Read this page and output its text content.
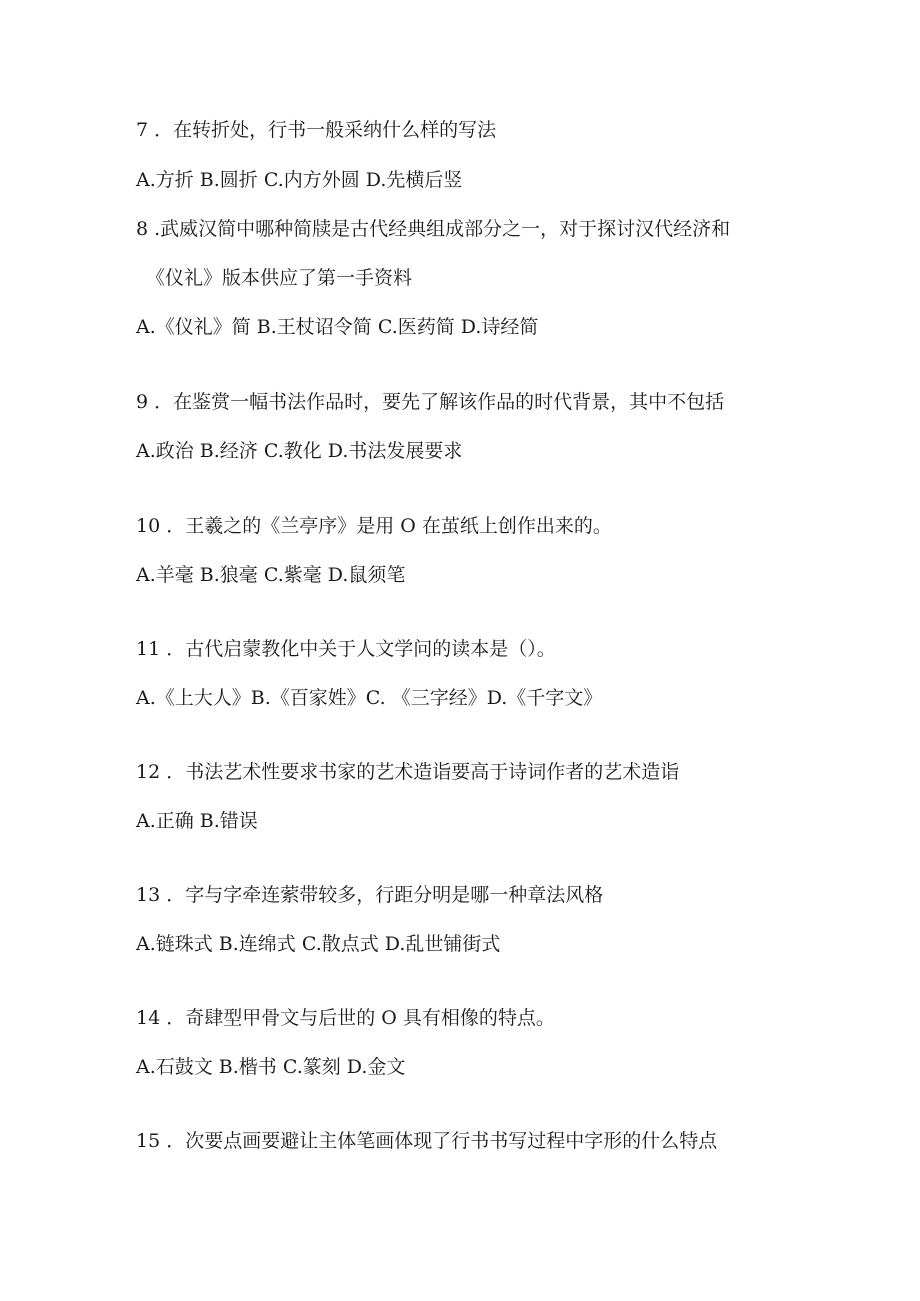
7 ．在转折处，行书一般采纳什么样的写法
A.方折 B.圆折 C.内方外圆 D.先横后竖
8 .武威汉简中哪种简牍是古代经典组成部分之一，对于探讨汉代经济和
《仪礼》版本供应了第一手资料
A.《仪礼》简 B.王杖诏令简 C.医药简 D.诗经简
9 ．在鉴赏一幅书法作品时，要先了解该作品的时代背景，其中不包括
A.政治 B.经济 C.教化 D.书法发展要求
10 ．王羲之的《兰亭序》是用 O 在茧纸上创作出来的。
A.羊毫 B.狼毫 C.紫毫 D.鼠须笔
11 ．古代启蒙教化中关于人文学问的读本是（）。
A.《上大人》B.《百家姓》C. 《三字经》D.《千字文》
12 ．书法艺术性要求书家的艺术造诣要高于诗词作者的艺术造诣
A.正确 B.错误
13 ．字与字牵连萦带较多，行距分明是哪一种章法风格
A.链珠式 B.连绵式 C.散点式 D.乱世铺街式
14 ．奇肆型甲骨文与后世的 O 具有相像的特点。
A.石鼓文 B.楷书 C.篆刻 D.金文
15 ．次要点画要避让主体笔画体现了行书书写过程中字形的什么特点
